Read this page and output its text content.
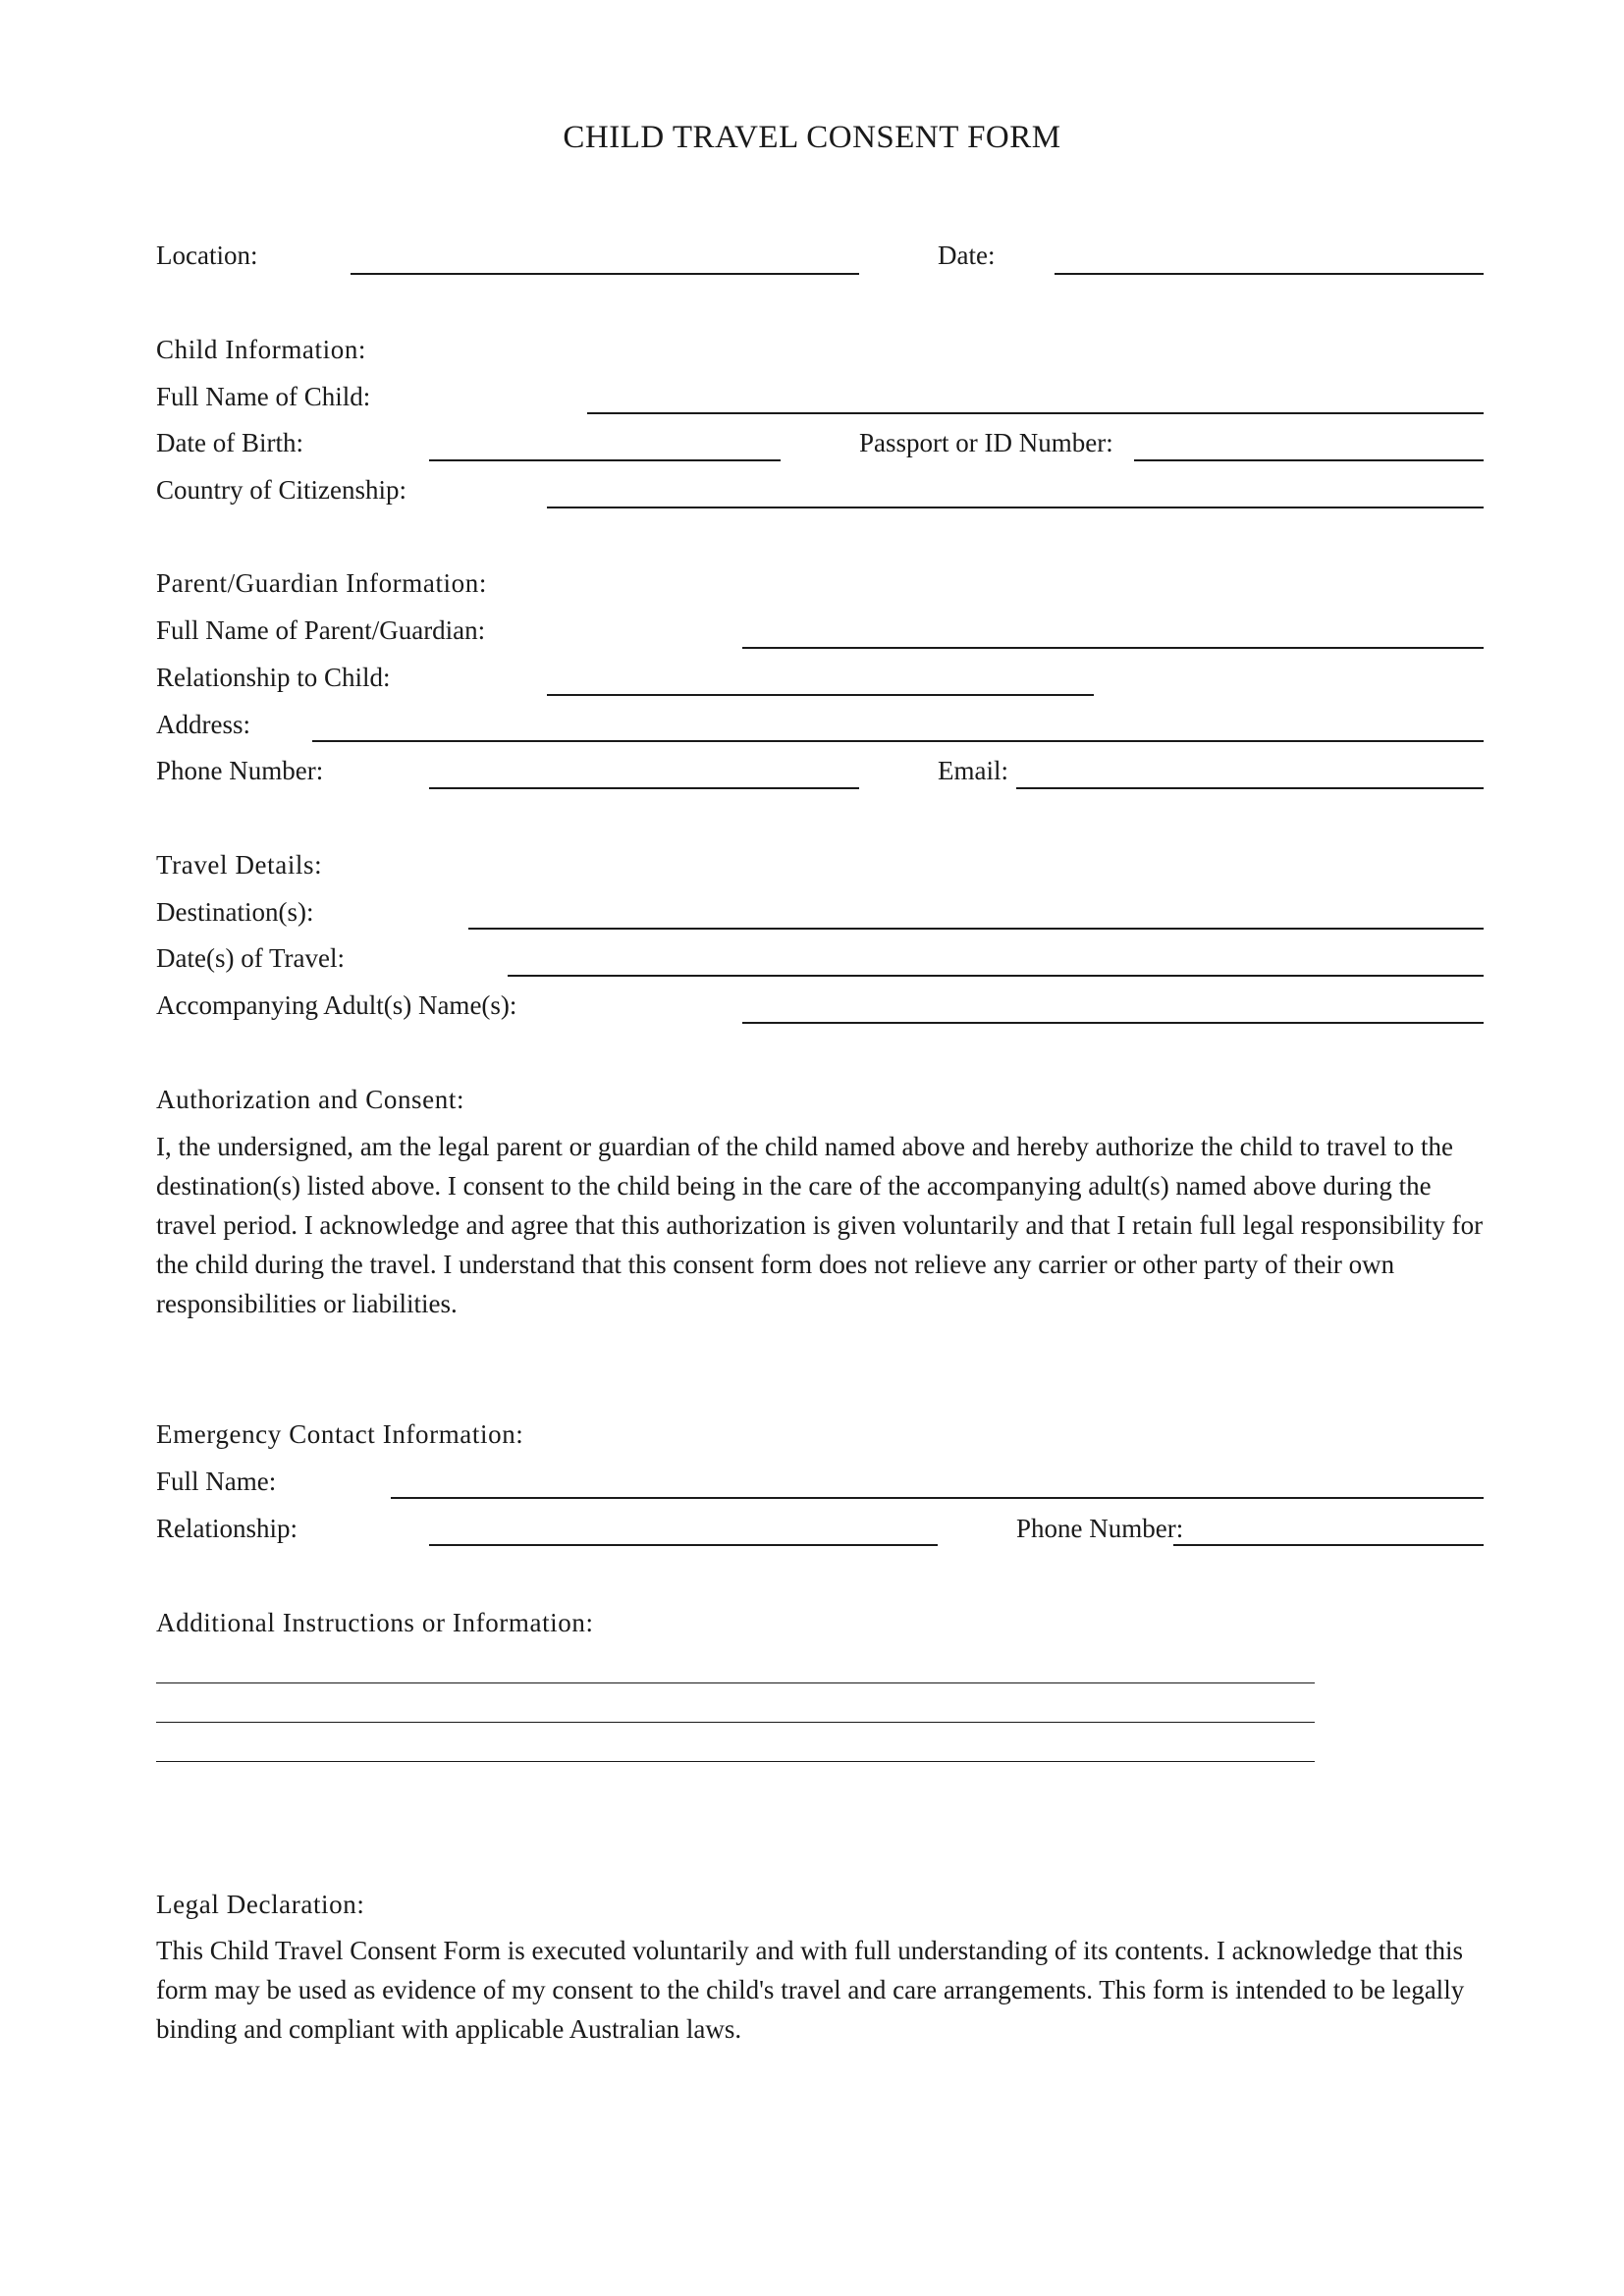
CHILD TRAVEL CONSENT FORM
Location:	Date:
Child Information:
Full Name of Child:
Date of Birth:	Passport or ID Number:
Country of Citizenship:
Parent/Guardian Information:
Full Name of Parent/Guardian:
Relationship to Child:
Address:
Phone Number:	Email:
Travel Details:
Destination(s):
Date(s) of Travel:
Accompanying Adult(s) Name(s):
Authorization and Consent:
I, the undersigned, am the legal parent or guardian of the child named above and hereby authorize the child to travel to the destination(s) listed above. I consent to the child being in the care of the accompanying adult(s) named above during the travel period. I acknowledge and agree that this authorization is given voluntarily and that I retain full legal responsibility for the child during the travel. I understand that this consent form does not relieve any carrier or other party of their own responsibilities or liabilities.
Emergency Contact Information:
Full Name:
Relationship:	Phone Number:
Additional Instructions or Information:
Legal Declaration:
This Child Travel Consent Form is executed voluntarily and with full understanding of its contents. I acknowledge that this form may be used as evidence of my consent to the child's travel and care arrangements. This form is intended to be legally binding and compliant with applicable Australian laws.
